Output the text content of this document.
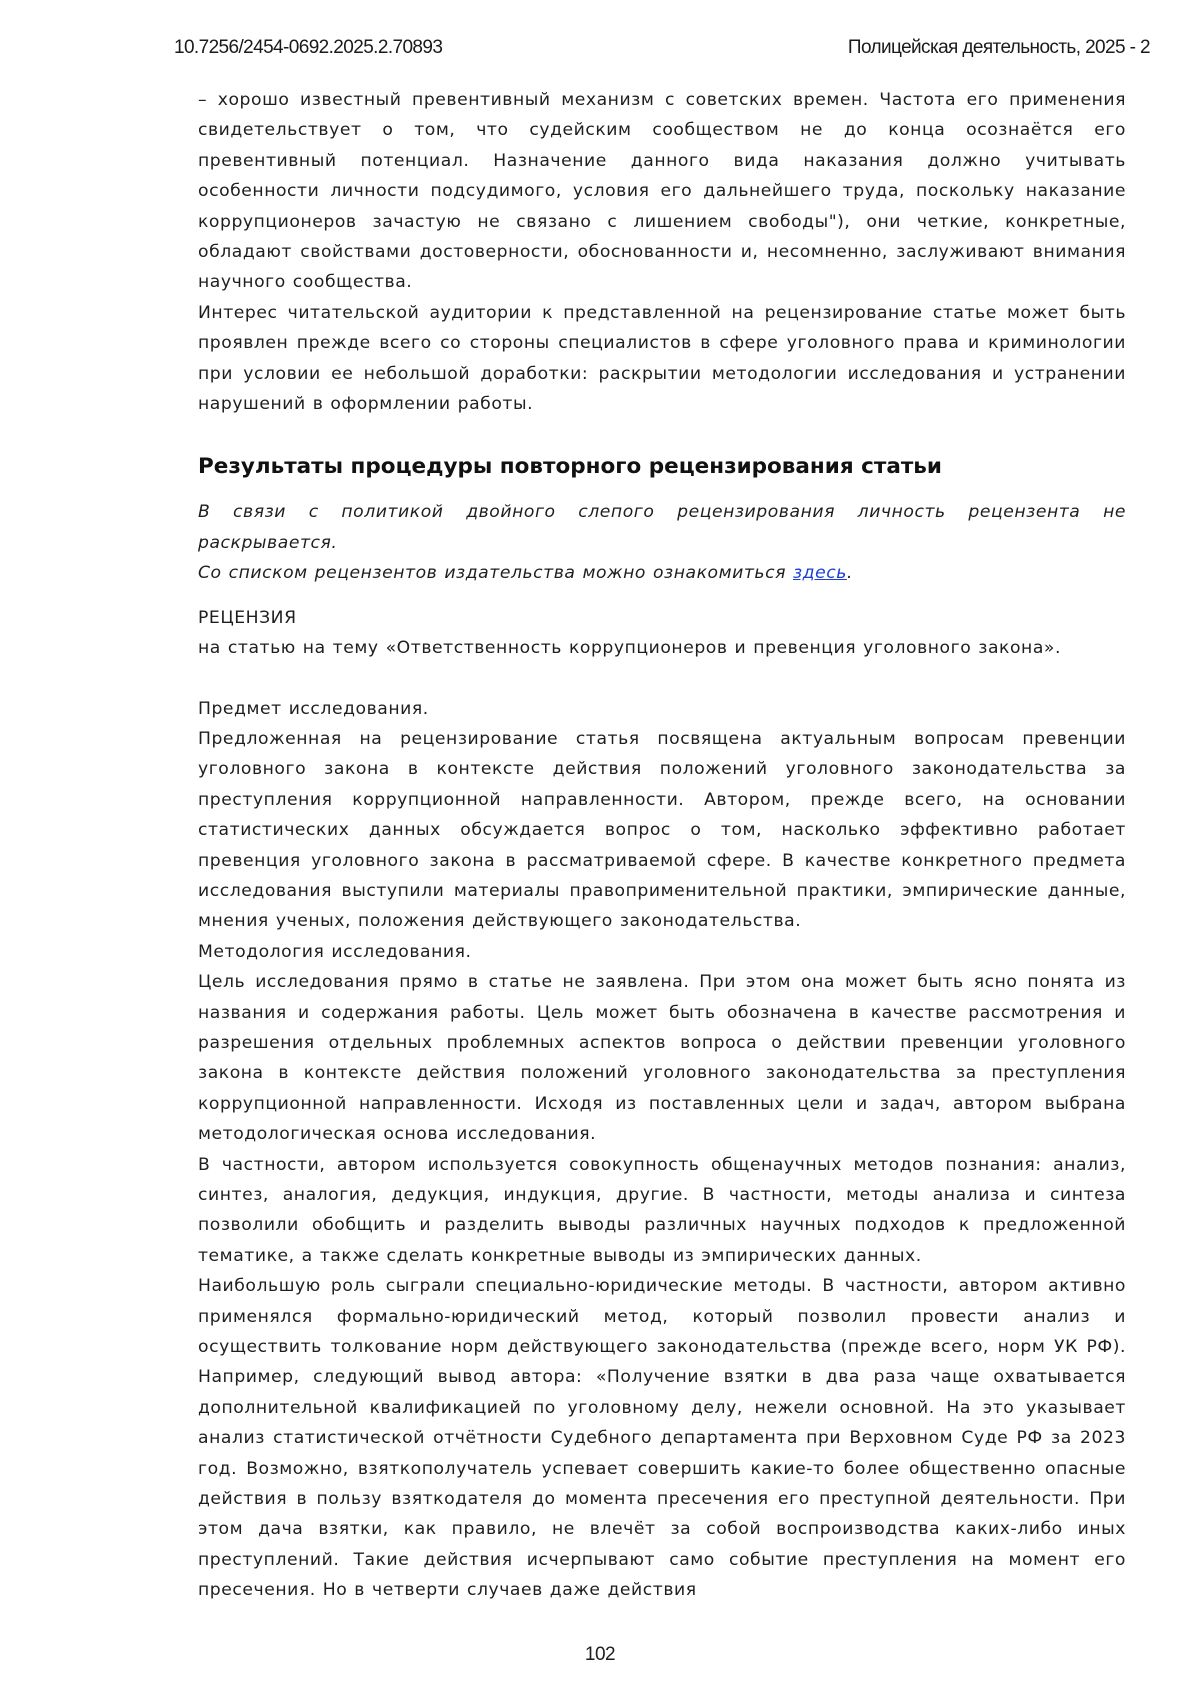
10.7256/2454-0692.2025.2.70893	Полицейская деятельность, 2025 - 2

– хорошо известный превентивный механизм с советских времен. Частота его применения свидетельствует о том, что судейским сообществом не до конца осознаётся его превентивный потенциал. Назначение данного вида наказания должно учитывать особенности личности подсудимого, условия его дальнейшего труда, поскольку наказание коррупционеров зачастую не связано с лишением свободы"), они четкие, конкретные, обладают свойствами достоверности, обоснованности и, несомненно, заслуживают внимания научного сообщества.

Интерес читательской аудитории к представленной на рецензирование статье может быть проявлен прежде всего со стороны специалистов в сфере уголовного права и криминологии при условии ее небольшой доработки: раскрытии методологии исследования и устранении нарушений в оформлении работы.

Результаты процедуры повторного рецензирования статьи

В связи с политикой двойного слепого рецензирования личность рецензента не раскрывается.

Со списком рецензентов издательства можно ознакомиться здесь.

РЕЦЕНЗИЯ

на статью на тему «Ответственность коррупционеров и превенция уголовного закона».

Предмет исследования.

Предложенная на рецензирование статья посвящена актуальным вопросам превенции уголовного закона в контексте действия положений уголовного законодательства за преступления коррупционной направленности. Автором, прежде всего, на основании статистических данных обсуждается вопрос о том, насколько эффективно работает превенция уголовного закона в рассматриваемой сфере. В качестве конкретного предмета исследования выступили материалы правоприменительной практики, эмпирические данные, мнения ученых, положения действующего законодательства.

Методология исследования.

Цель исследования прямо в статье не заявлена. При этом она может быть ясно понята из названия и содержания работы. Цель может быть обозначена в качестве рассмотрения и разрешения отдельных проблемных аспектов вопроса о действии превенции уголовного закона в контексте действия положений уголовного законодательства за преступления коррупционной направленности. Исходя из поставленных цели и задач, автором выбрана методологическая основа исследования.

В частности, автором используется совокупность общенаучных методов познания: анализ, синтез, аналогия, дедукция, индукция, другие. В частности, методы анализа и синтеза позволили обобщить и разделить выводы различных научных подходов к предложенной тематике, а также сделать конкретные выводы из эмпирических данных.

Наибольшую роль сыграли специально-юридические методы. В частности, автором активно применялся формально-юридический метод, который позволил провести анализ и осуществить толкование норм действующего законодательства (прежде всего, норм УК РФ). Например, следующий вывод автора: «Получение взятки в два раза чаще охватывается дополнительной квалификацией по уголовному делу, нежели основной. На это указывает анализ статистической отчётности Судебного департамента при Верховном Суде РФ за 2023 год. Возможно, взяткополучатель успевает совершить какие-то более общественно опасные действия в пользу взяткодателя до момента пресечения его преступной деятельности. При этом дача взятки, как правило, не влечёт за собой воспроизводства каких-либо иных преступлений. Такие действия исчерпывают само событие преступления на момент его пресечения. Но в четверти случаев даже действия

102
